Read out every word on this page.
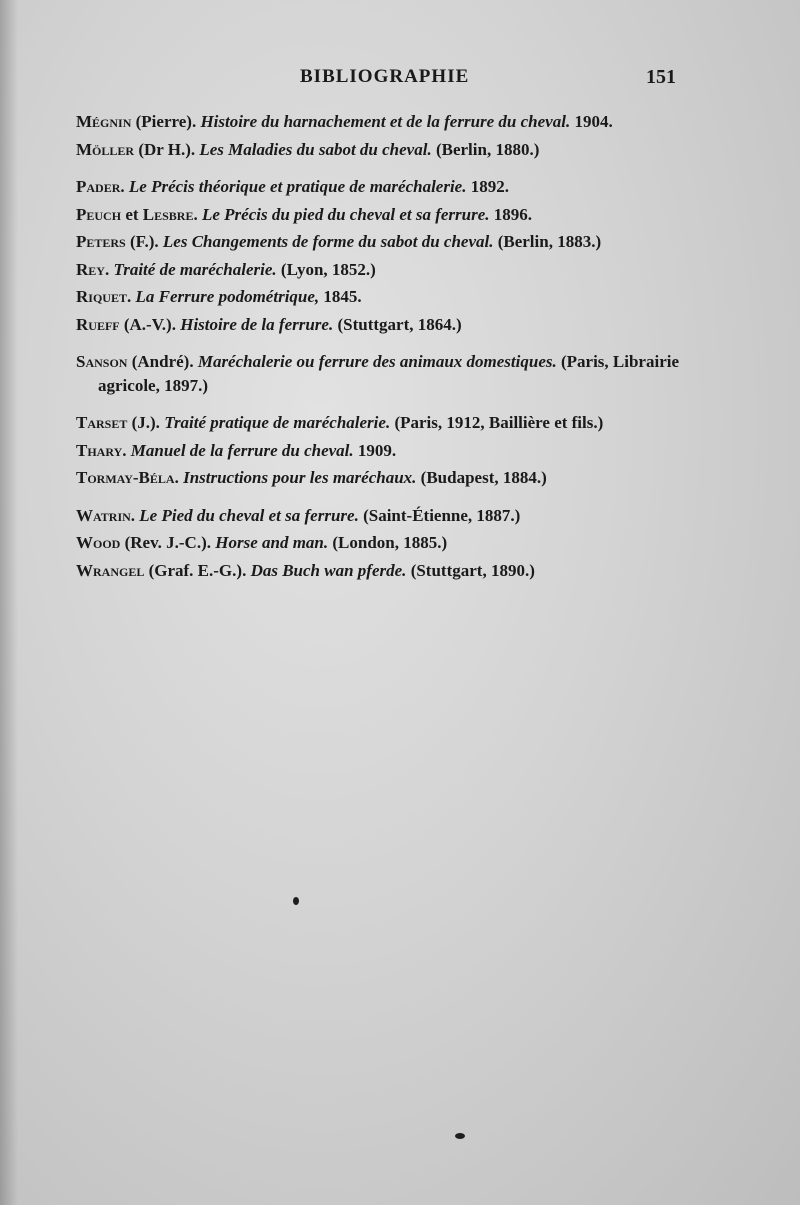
BIBLIOGRAPHIE	151
Mégnin (Pierre). Histoire du harnachement et de la ferrure du cheval. 1904.
Möller (Dr H.). Les Maladies du sabot du cheval. (Berlin, 1880.)
Pader. Le Précis théorique et pratique de maréchalerie. 1892.
Peuch et Lesbre. Le Précis du pied du cheval et sa ferrure. 1896.
Peters (F.). Les Changements de forme du sabot du cheval. (Berlin, 1883.)
Rey. Traité de maréchalerie. (Lyon, 1852.)
Riquet. La Ferrure podométrique, 1845.
Rueff (A.-V.). Histoire de la ferrure. (Stuttgart, 1864.)
Sanson (André). Maréchalerie ou ferrure des animaux domestiques. (Paris, Librairie agricole, 1897.)
Tarset (J.). Traité pratique de maréchalerie. (Paris, 1912, Baillière et fils.)
Thary. Manuel de la ferrure du cheval. 1909.
Tormay-Béla. Instructions pour les maréchaux. (Budapest, 1884.)
Watrin. Le Pied du cheval et sa ferrure. (Saint-Étienne, 1887.)
Wood (Rev. J.-C.). Horse and man. (London, 1885.)
Wrangel (Graf. E.-G.). Das Buch wan pferde. (Stuttgart, 1890.)
